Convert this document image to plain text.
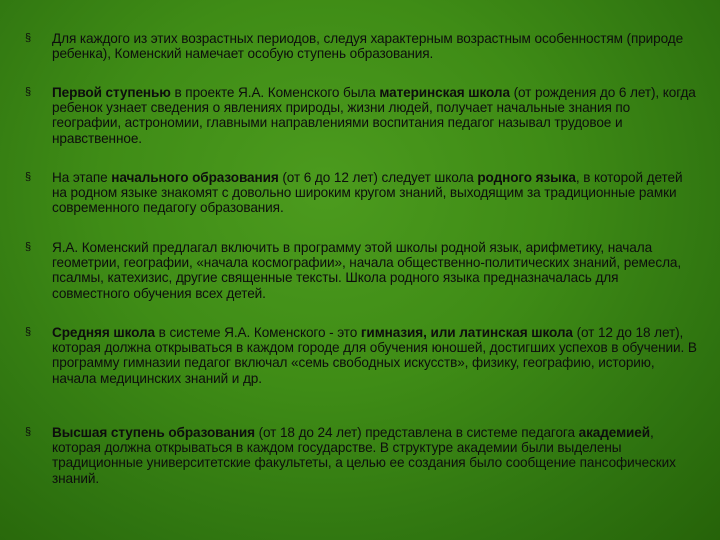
§ Для каждого из этих возрастных периодов, следуя характерным возрастным особенностям (природе ребенка), Коменский намечает особую ступень образования.
§ Первой ступенью в проекте Я.А. Коменского была материнская школа (от рождения до 6 лет), когда ребенок узнает сведения о явлениях природы, жизни людей, получает начальные знания по географии, астрономии, главными направлениями воспитания педагог называл трудовое и нравственное.
§ На этапе начального образования (от 6 до 12 лет) следует школа родного языка, в которой детей на родном языке знакомят с довольно широким кругом знаний, выходящим за традиционные рамки современного педагогу образования.
§ Я.А. Коменский предлагал включить в программу этой школы родной язык, арифметику, начала геометрии, географии, «начала космографии», начала общественно-политических знаний, ремесла, псалмы, катехизис, другие священные тексты. Школа родного языка предназначалась для совместного обучения всех детей.
§ Средняя школа в системе Я.А. Коменского - это гимназия, или латинская школа (от 12 до 18 лет), которая должна открываться в каждом городе для обучения юношей, достигших успехов в обучении. В программу гимназии педагог включал «семь свободных искусств», физику, географию, историю, начала медицинских знаний и др.
§ Высшая ступень образования (от 18 до 24 лет) представлена в системе педагога академией, которая должна открываться в каждом государстве. В структуре академии были выделены традиционные университетские факультеты, а целью ее создания было сообщение пансофических знаний.
